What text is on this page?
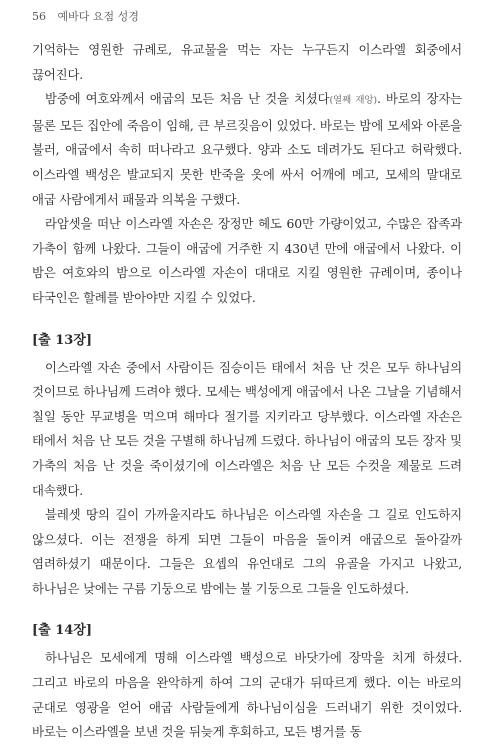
56 예바다 요점 성경

기억하는 영원한 규례로, 유교물을 먹는 자는 누구든지 이스라엘 회중에서 끊어진다.

밤중에 여호와께서 애굽의 모든 처음 난 것을 치셨다(열째 재앙). 바로의 장자는 물론 모든 집안에 죽음이 임해, 큰 부르짖음이 있었다. 바로는 밤에 모세와 아론을 불러, 애굽에서 속히 떠나라고 요구했다. 양과 소도 데려가도 된다고 허락했다. 이스라엘 백성은 발교되지 못한 반죽을 옷에 싸서 어깨에 메고, 모세의 말대로 애굽 사람에게서 패물과 의복을 구했다.

라암셋을 떠난 이스라엘 자손은 장정만 헤도 60만 가량이었고, 수많은 잡족과 가축이 함께 나왔다. 그들이 애굽에 거주한 지 430년 만에 애굽에서 나왔다. 이 밤은 여호와의 밤으로 이스라엘 자손이 대대로 지킬 영원한 규례이며, 종이나 타국인은 할례를 받아야만 지킬 수 있었다.

[출 13장]

이스라엘 자손 중에서 사람이든 짐승이든 태에서 처음 난 것은 모두 하나님의 것이므로 하나님께 드려야 했다. 모세는 백성에게 애굽에서 나온 그날을 기념해서 칠일 동안 무교병을 먹으며 해마다 절기를 지키라고 당부했다. 이스라엘 자손은 태에서 처음 난 모든 것을 구별해 하나님께 드렸다. 하나님이 애굽의 모든 장자 및 가축의 처음 난 것을 죽이셨기에 이스라엘은 처음 난 모든 수컷을 제물로 드려 대속했다.

블레셋 땅의 길이 가까울지라도 하나님은 이스라엘 자손을 그 길로 인도하지 않으셨다. 이는 전쟁을 하게 되면 그들이 마음을 돌이켜 애굽으로 돌아갈까 염려하셨기 때문이다. 그들은 요셉의 유언대로 그의 유골을 가지고 나왔고, 하나님은 낮에는 구름 기둥으로 밤에는 불 기둥으로 그들을 인도하셨다.

[출 14장]

하나님은 모세에게 명해 이스라엘 백성으로 바닷가에 장막을 치게 하셨다. 그리고 바로의 마음을 완악하게 하여 그의 군대가 뒤따르게 했다. 이는 바로의 군대로 영광을 얻어 애굽 사람들에게 하나님이심을 드러내기 위한 것이었다. 바로는 이스라엘을 보낸 것을 뒤늦게 후회하고, 모든 병거를 동
